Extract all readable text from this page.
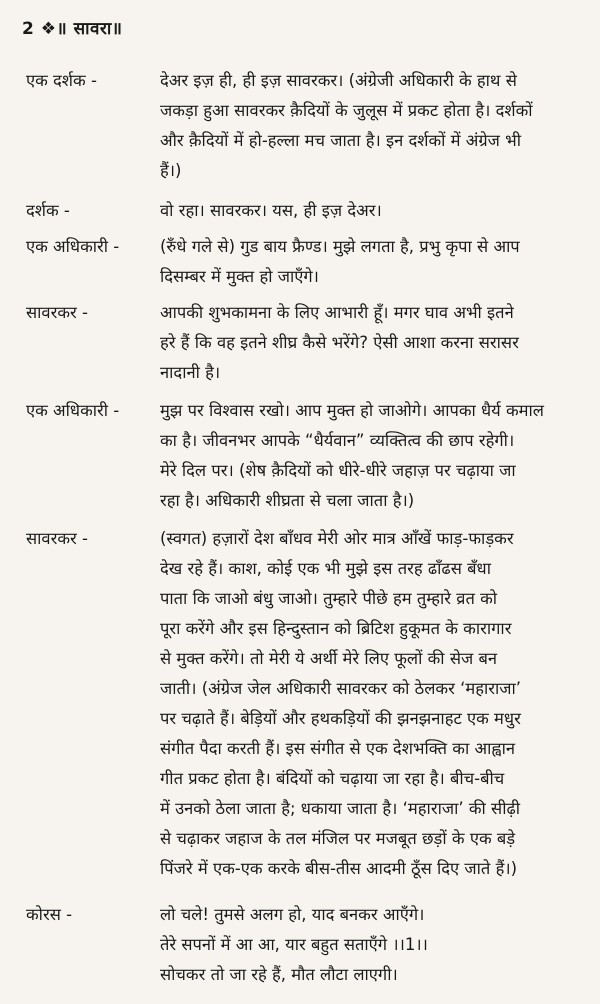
2 ❖॥ सावरा॥
एक दर्शक -	देअर इज़ ही, ही इज़ सावरकर। (अंग्रेजी अधिकारी के हाथ से
जकड़ा हुआ सावरकर क़ैदियों के जुलूस में प्रकट होता है। दर्शकों
और क़ैदियों में हो-हल्ला मच जाता है। इन दर्शकों में अंग्रेज भी
हैं।)
दर्शक -	वो रहा। सावरकर। यस, ही इज़ देअर।
एक अधिकारी -	(रुँधे गले से) गुड बाय फ्रैण्ड। मुझे लगता है, प्रभु कृपा से आप
दिसम्बर में मुक्त हो जाएँगे।
सावरकर -	आपकी शुभकामना के लिए आभारी हूँ। मगर घाव अभी इतने
हरे हैं कि वह इतने शीघ्र कैसे भरेंगे? ऐसी आशा करना सरासर
नादानी है।
एक अधिकारी -	मुझ पर विश्वास रखो। आप मुक्त हो जाओगे। आपका धैर्य कमाल
का है। जीवनभर आपके “धैर्यवान” व्यक्तित्व की छाप रहेगी।
मेरे दिल पर। (शेष क़ैदियों को धीरे-धीरे जहाज़ पर चढ़ाया जा
रहा है। अधिकारी शीघ्रता से चला जाता है।)
सावरकर -	(स्वगत) हज़ारों देश बाँधव मेरी ओर मात्र आँखें फाड़-फाड़कर
देख रहे हैं। काश, कोई एक भी मुझे इस तरह ढाँढस बँधा
पाता कि जाओ बंधु जाओ। तुम्हारे पीछे हम तुम्हारे व्रत को
पूरा करेंगे और इस हिन्दुस्तान को ब्रिटिश हुकूमत के कारागार
से मुक्त करेंगे। तो मेरी ये अर्थी मेरे लिए फूलों की सेज बन
जाती। (अंग्रेज जेल अधिकारी सावरकर को ठेलकर ‘महाराजा’
पर चढ़ाते हैं। बेड़ियों और हथकड़ियों की झनझनाहट एक मधुर
संगीत पैदा करती हैं। इस संगीत से एक देशभक्ति का आह्वान
गीत प्रकट होता है। बंदियों को चढ़ाया जा रहा है। बीच-बीच
में उनको ठेला जाता है; धकाया जाता है। ‘महाराजा’ की सीढ़ी
से चढ़ाकर जहाज के तल मंजिल पर मजबूत छड़ों के एक बड़े
पिंजरे में एक-एक करके बीस-तीस आदमी ठूँस दिए जाते हैं।)
कोरस -	लो चले! तुमसे अलग हो, याद बनकर आएँगे।
तेरे सपनों में आ आ, यार बहुत सताएँगे ।।1।।
सोचकर तो जा रहे हैं, मौत लौटा लाएगी।
